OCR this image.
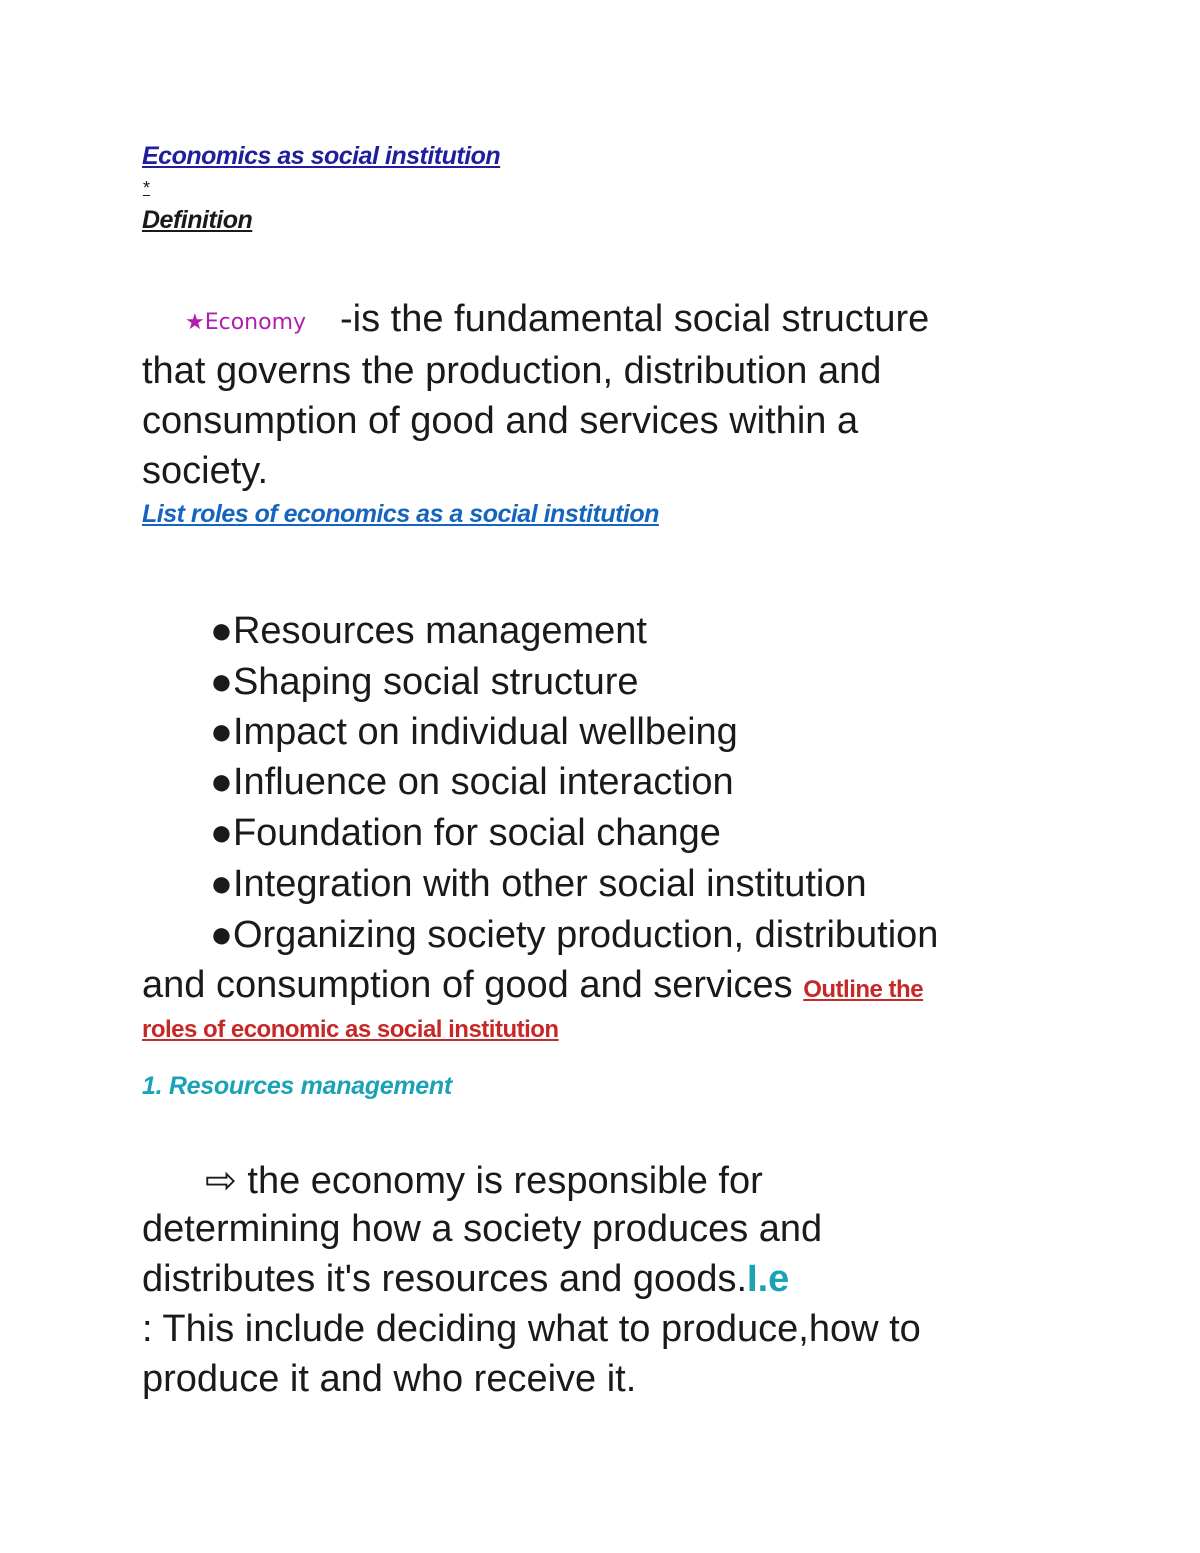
Economics as social institution
*
Definition
★Economy -is the fundamental social structure
that governs the production, distribution and
consumption of good and services within a
society.
List roles of economics as a social institution
●Resources management
●Shaping social structure
●Impact on individual wellbeing
●Influence on social interaction
●Foundation for social change
●Integration with other social institution
●Organizing society production, distribution
and consumption of good and services Outline the
roles of economic as social institution
1. Resources management
⇨ the economy is responsible for
determining how a society produces and
distributes it's resources and goods.I.e
: This include deciding what to produce,how to
produce it and who receive it.
